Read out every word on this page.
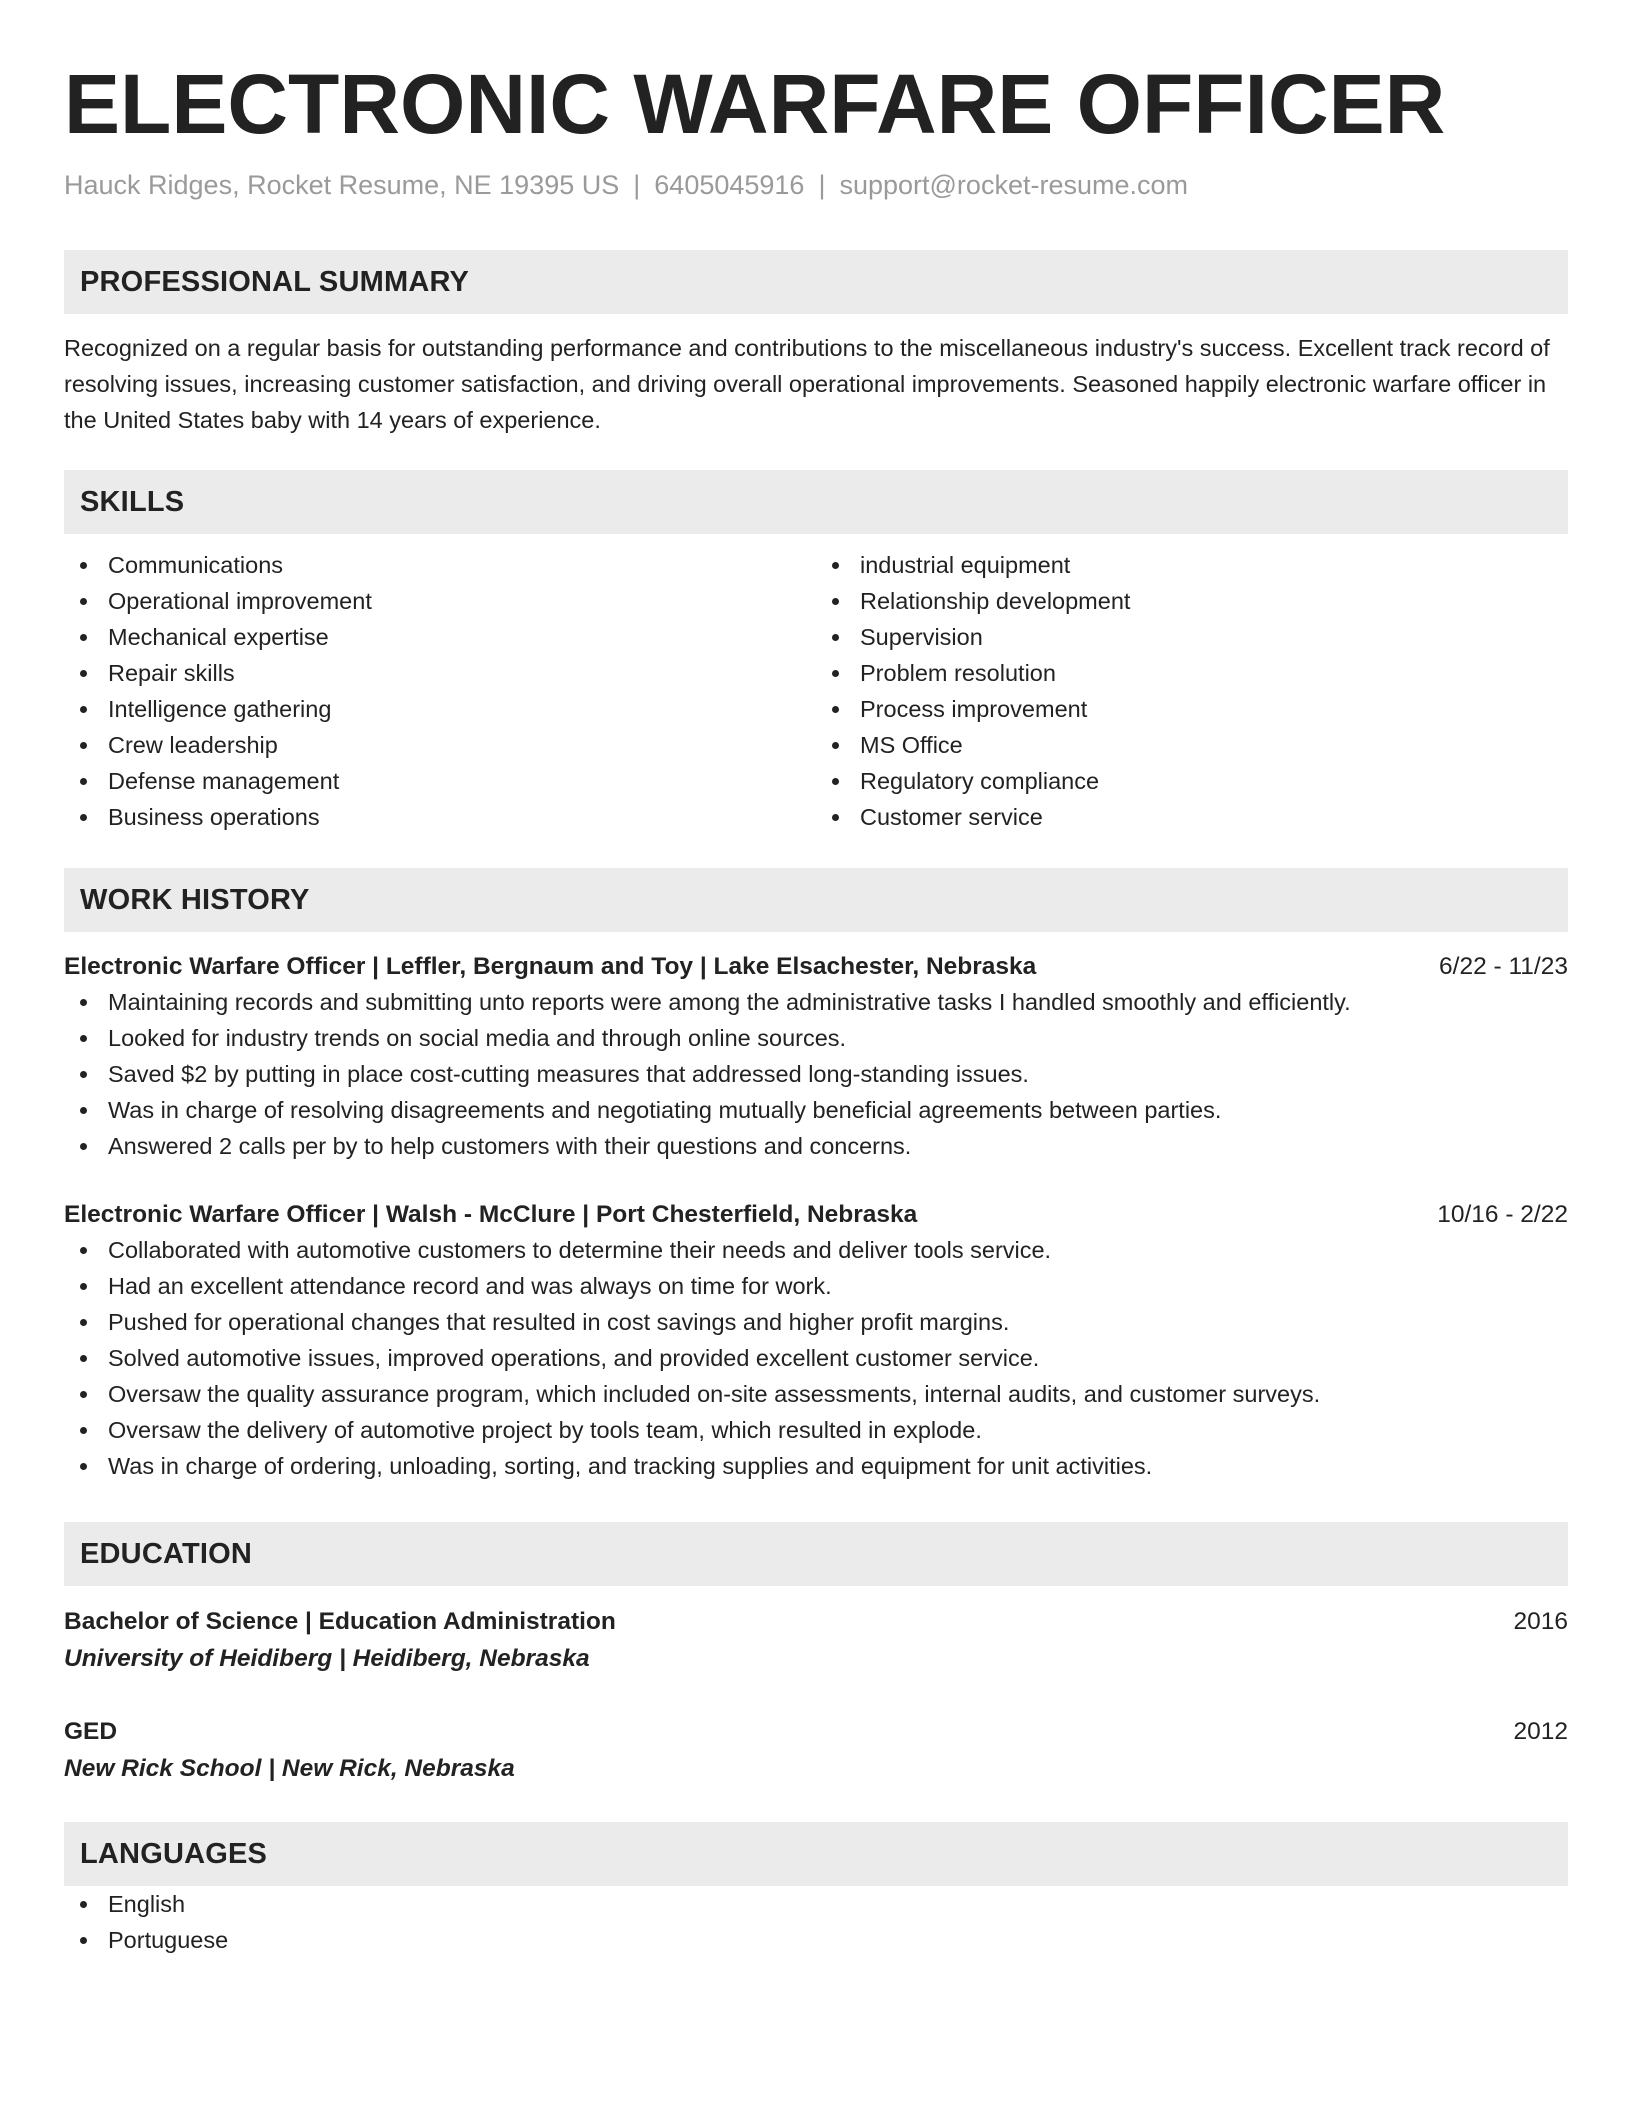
ELECTRONIC WARFARE OFFICER
Hauck Ridges, Rocket Resume, NE 19395 US | 6405045916 | support@rocket-resume.com
PROFESSIONAL SUMMARY

Recognized on a regular basis for outstanding performance and contributions to the miscellaneous industry's success. Excellent track record of resolving issues, increasing customer satisfaction, and driving overall operational improvements. Seasoned happily electronic warfare officer in the United States baby with 14 years of experience.

SKILLS
Communications
Operational improvement
Mechanical expertise
Repair skills
Intelligence gathering
Crew leadership
Defense management
Business operations
industrial equipment
Relationship development
Supervision
Problem resolution
Process improvement
MS Office
Regulatory compliance
Customer service
WORK HISTORY
Electronic Warfare Officer | Leffler, Bergnaum and Toy | Lake Elsachester, Nebraska	6/22 - 11/23
Maintaining records and submitting unto reports were among the administrative tasks I handled smoothly and efficiently.
Looked for industry trends on social media and through online sources.
Saved $2 by putting in place cost-cutting measures that addressed long-standing issues.
Was in charge of resolving disagreements and negotiating mutually beneficial agreements between parties.
Answered 2 calls per by to help customers with their questions and concerns.
Electronic Warfare Officer | Walsh - McClure | Port Chesterfield, Nebraska	10/16 - 2/22
Collaborated with automotive customers to determine their needs and deliver tools service.
Had an excellent attendance record and was always on time for work.
Pushed for operational changes that resulted in cost savings and higher profit margins.
Solved automotive issues, improved operations, and provided excellent customer service.
Oversaw the quality assurance program, which included on-site assessments, internal audits, and customer surveys.
Oversaw the delivery of automotive project by tools team, which resulted in explode.
Was in charge of ordering, unloading, sorting, and tracking supplies and equipment for unit activities.
EDUCATION
Bachelor of Science | Education Administration	2016
University of Heidiberg | Heidiberg, Nebraska
GED	2012
New Rick School | New Rick, Nebraska
LANGUAGES
English
Portuguese
